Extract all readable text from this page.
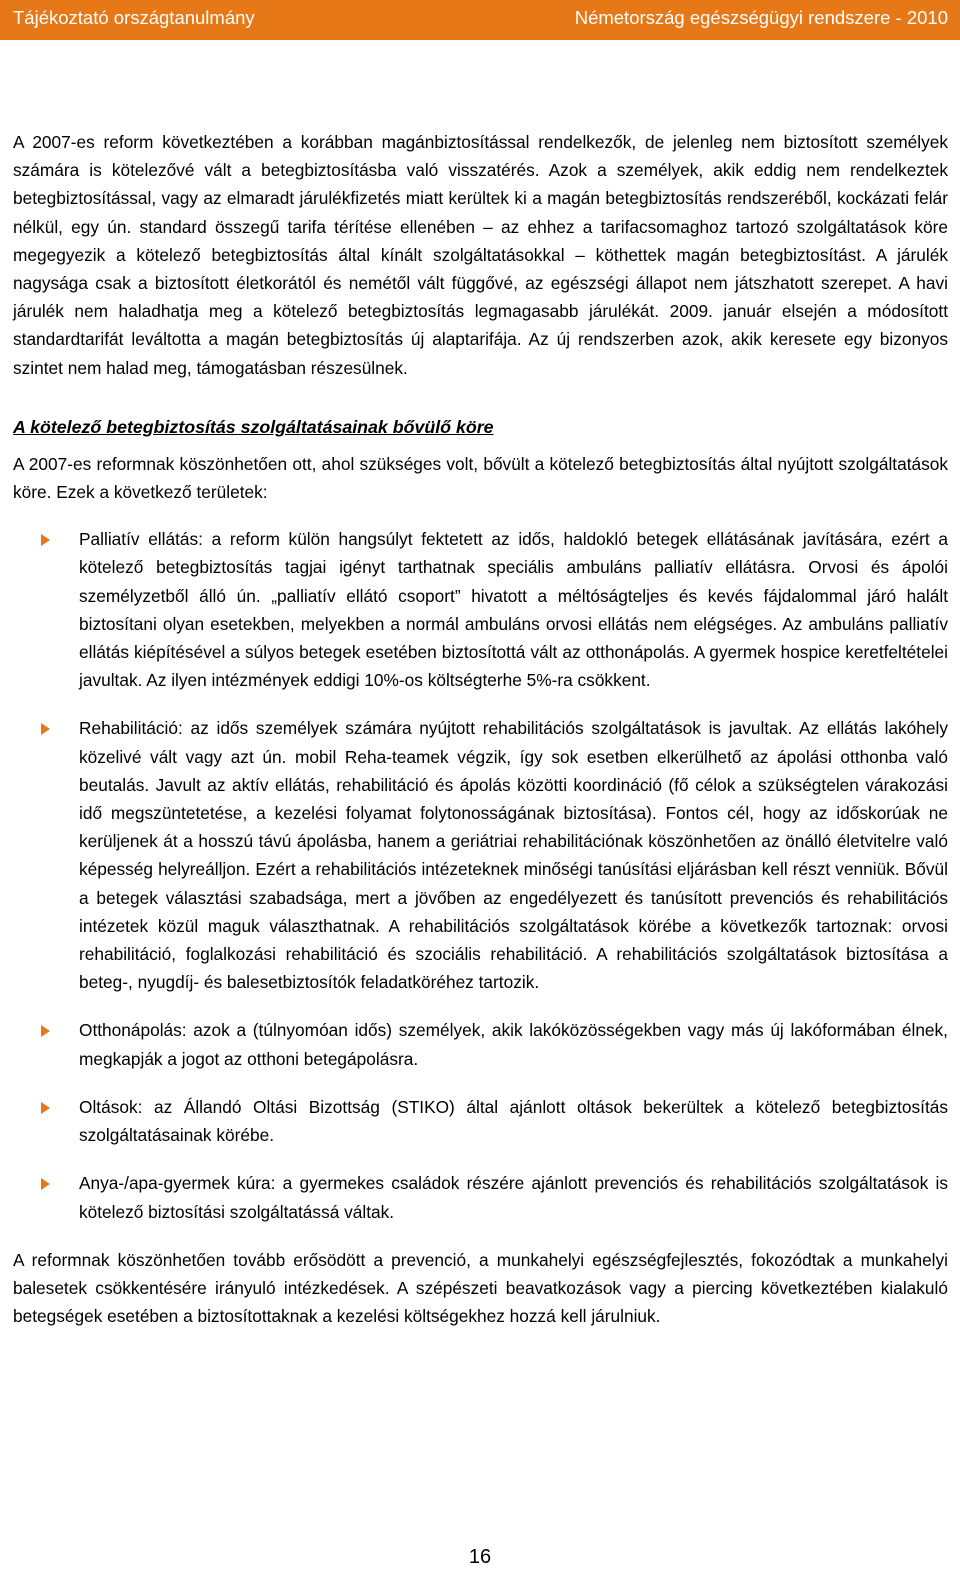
Tájékoztató országtanulmány	Németország egészségügyi rendszere - 2010

A 2007-es reform következtében a korábban magánbiztosítással rendelkezők, de jelenleg nem biztosított személyek számára is kötelezővé vált a betegbiztosításba való visszatérés. Azok a személyek, akik eddig nem rendelkeztek betegbiztosítással, vagy az elmaradt járulékfizetés miatt kerültek ki a magán betegbiztosítás rendszeréből, kockázati felár nélkül, egy ún. standard összegű tarifa térítése ellenében – az ehhez a tarifacsomaghoz tartozó szolgáltatások köre megegyezik a kötelező betegbiztosítás által kínált szolgáltatásokkal – köthettek magán betegbiztosítást. A járulék nagysága csak a biztosított életkorától és nemétől vált függővé, az egészségi állapot nem játszhatott szerepet. A havi járulék nem haladhatja meg a kötelező betegbiztosítás legmagasabb járulékát. 2009. január elsején a módosított standardtarifát leváltotta a magán betegbiztosítás új alaptarifája. Az új rendszerben azok, akik keresete egy bizonyos szintet nem halad meg, támogatásban részesülnek.

A kötelező betegbiztosítás szolgáltatásainak bővülő köre

A 2007-es reformnak köszönhetően ott, ahol szükséges volt, bővült a kötelező betegbiztosítás által nyújtott szolgáltatások köre. Ezek a következő területek:

Palliatív ellátás: a reform külön hangsúlyt fektetett az idős, haldokló betegek ellátásának javítására, ezért a kötelező betegbiztosítás tagjai igényt tarthatnak speciális ambuláns palliatív ellátásra. Orvosi és ápolói személyzetből álló ún. „palliatív ellátó csoport” hivatott a méltóságteljes és kevés fájdalommal járó halált biztosítani olyan esetekben, melyekben a normál ambuláns orvosi ellátás nem elégséges. Az ambuláns palliatív ellátás kiépítésével a súlyos betegek esetében biztosítottá vált az otthonápolás. A gyermek hospice keretfeltételei javultak. Az ilyen intézmények eddigi 10%-os költségterhe 5%-ra csökkent.
Rehabilitáció: az idős személyek számára nyújtott rehabilitációs szolgáltatások is javultak. Az ellátás lakóhely közelivé vált vagy azt ún. mobil Reha-teamek végzik, így sok esetben elkerülhető az ápolási otthonba való beutalás. Javult az aktív ellátás, rehabilitáció és ápolás közötti koordináció (fő célok a szükségtelen várakozási idő megszüntetetése, a kezelési folyamat folytonosságának biztosítása). Fontos cél, hogy az időskorúak ne kerüljenek át a hosszú távú ápolásba, hanem a geriátriai rehabilitációnak köszönhetően az önálló életvitelre való képesség helyreálljon. Ezért a rehabilitációs intézeteknek minőségi tanúsítási eljárásban kell részt venniük. Bővül a betegek választási szabadsága, mert a jövőben az engedélyezett és tanúsított prevenciós és rehabilitációs intézetek közül maguk választhatnak. A rehabilitációs szolgáltatások körébe a következők tartoznak: orvosi rehabilitáció, foglalkozási rehabilitáció és szociális rehabilitáció. A rehabilitációs szolgáltatások biztosítása a beteg-, nyugdíj- és balesetbiztosítók feladatköréhez tartozik.
Otthonápolás: azok a (túlnyomóan idős) személyek, akik lakóközösségekben vagy más új lakóformában élnek, megkapják a jogot az otthoni betegápolásra.
Oltások: az Állandó Oltási Bizottság (STIKO) által ajánlott oltások bekerültek a kötelező betegbiztosítás szolgáltatásainak körébe.
Anya-/apa-gyermek kúra: a gyermekes családok részére ajánlott prevenciós és rehabilitációs szolgáltatások is kötelező biztosítási szolgáltatássá váltak.

A reformnak köszönhetően tovább erősödött a prevenció, a munkahelyi egészségfejlesztés, fokozódtak a munkahelyi balesetek csökkentésére irányuló intézkedések. A szépészeti beavatkozások vagy a piercing következtében kialakuló betegségek esetében a biztosítottaknak a kezelési költségekhez hozzá kell járulniuk.

16
